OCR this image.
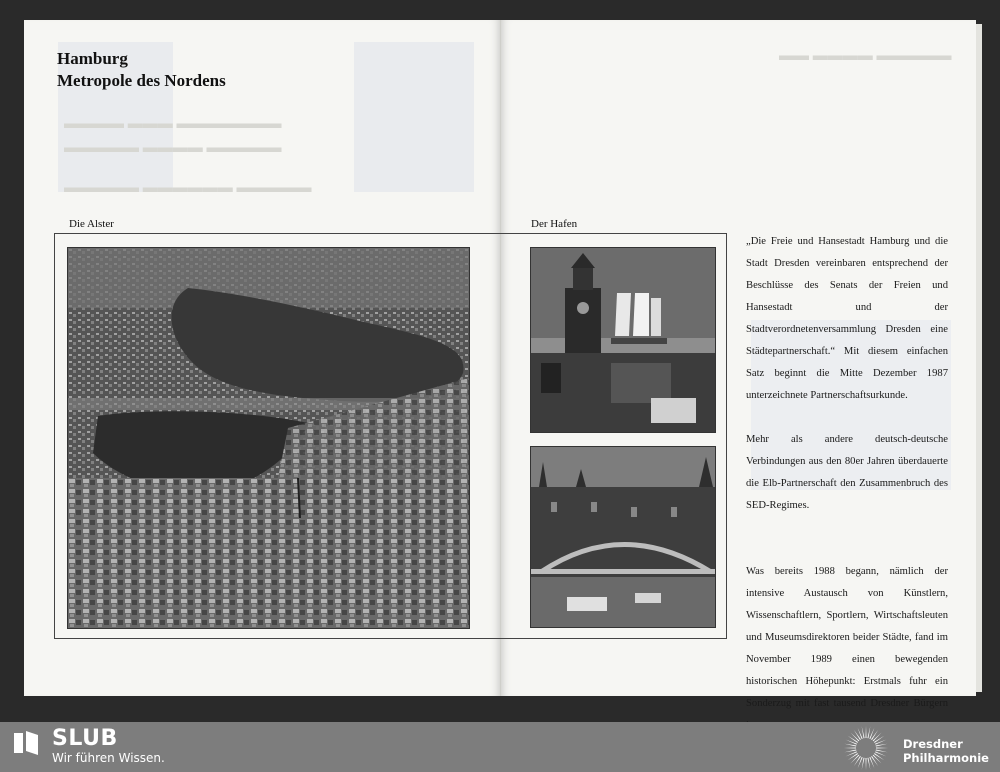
▬▬▬▬ ▬▬▬ ▬▬▬▬▬▬▬
▬▬▬▬▬ ▬▬▬▬ ▬▬▬▬▬
▬▬▬▬▬ ▬▬▬▬▬▬ ▬▬▬▬▬
Hamburg
Metropole des Nordens
Die Alster
▬▬ ▬▬▬▬ ▬▬▬▬▬
Der Hafen

„Die Freie und Hansestadt Hamburg und die Stadt Dresden vereinbaren entsprechend der Beschlüsse des Senats der Freien und Hansestadt und der Stadtverordnetenversammlung Dresden eine Städtepartnerschaft.“ Mit diesem einfachen Satz beginnt die Mitte Dezember 1987 unterzeichnete Partnerschaftsurkunde.

Mehr als andere deutsch-deutsche Verbindungen aus den 80er Jahren überdauerte die Elb-Partnerschaft den Zusammenbruch des SED-Regimes.

Was bereits 1988 begann, nämlich der intensive Austausch von Künstlern, Wissenschaftlern, Sportlern, Wirtschaftsleuten und Museumsdirektoren beider Städte, fand im November 1989 einen bewegenden historischen Höhepunkt: Erstmals fuhr ein Sonderzug mit fast tausend Dresdner Bürgern

SLUB
Wir führen Wissen.
Dresdner
Philharmonie
